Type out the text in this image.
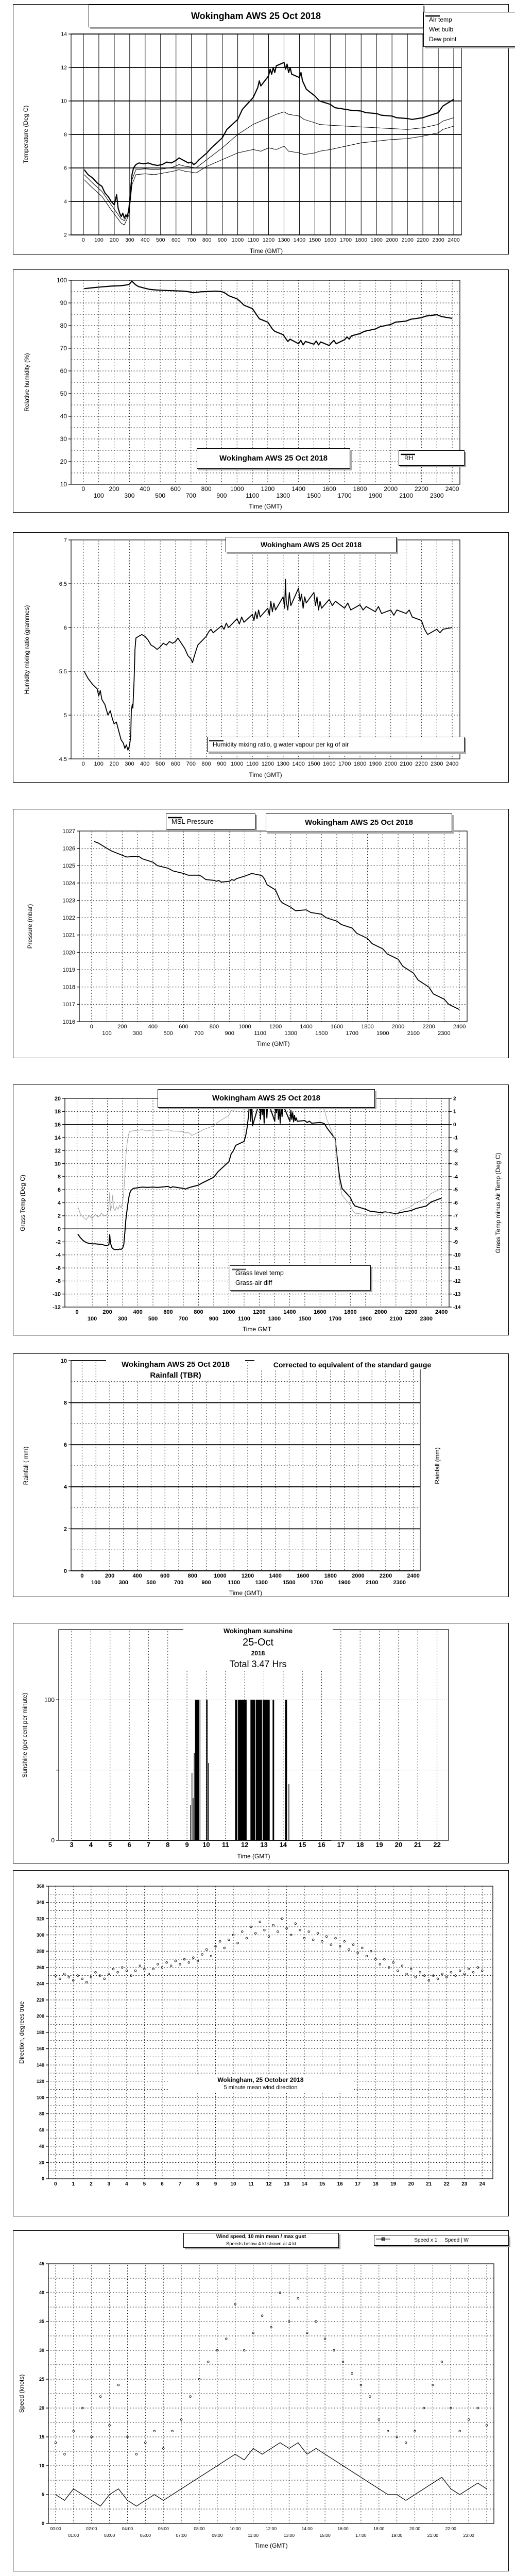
2
4
6
8
10
12
14
0 100 200 300 400 500 600 700 800 900 1000 1100 1200 1300 1400 1500 1600 1700 1800 1900 2000 2100 2200 2300 2400
Temperature (Deg C)
Time (GMT)
Wokingham AWS 25 Oct 2018	Air temp
Wet bulb
Dew point
10
20
30
40
50
60
70
80
90
100
0
100
200
300
400
500
600
700
800
900
1000
1100
1200
1300
1400
1500
1600
1700
1800
1900
2000
2100
2200
2300
2400
Relative humidity (%)
Time (GMT)
Wokingham AWS 25 Oct 2018	RH
4.5
5
5.5
6
6.5
7
0 100 200 300 400 500 600 700 800 900 1000 1100 1200 1300 1400 1500 1600 1700 1800 1900 2000 2100 2200 2300 2400
Humidity mixing ratio (grammes)
Time (GMT)
Wokingham AWS 25 Oct 2018
Humidity mixing ratio, g water vapour per kg of air
1016
1017
1018
1019
1020
1021
1022
1023
1024
1025
1026
1027
0
100
200
300
400
500
600
700
800
900
1000
1100
1200
1300
1400
1500
1600
1700
1800
1900
2000
2100
2200
2300
2400
Pressure (mbar)
Time (GMT)
Wokingham AWS 25 Oct 2018
MSL Pressure
-12
-10
-8
-6
-4
-2
0
2
4
6
8
10
12
14
16
18
20
-14
-13
-12
-11
-10
-9
-8
-7
-6
-5
-4
-3
-2
-1
0
1
2
0
100
200
300
400
500
600
700
800
900
1000
1100
1200
1300
1400
1500
1600
1700
1800
1900
2000
2100
2200
2300
2400
Grass Temp (Deg C)	Grass Temp minus Air Temp (Deg C)
Time GMT
Wokingham AWS 25 Oct 2018
Grass level temp
Grass-air diff
0
2
4
6
8
10
0
100
200
300
400
500
600
700
800
900
1000
1100
1200
1300
1400
1500
1600
1700
1800
1900
2000
2100
2200
2300
2400
Rainfall ( mm)	Rainfall (mm)
Time (GMT)
Wokingham AWS 25 Oct 2018
Rainfall (TBR)
Corrected to equivalent of the standard gauge
0
100
3 4 5 6 7 8 9 10 11 12 13 14 15 16 17 18 19 20 21 22
Sunshine (per cent per minute)
Time (GMT)
Wokingham sunshine
25-Oct
2018
Total 3.47 Hrs
0
20
40
60
80
100
120
140
160
180
200
220
240
260
280
300
320
340
360
0	1	2	3	4	5	6	7	8	9	10 11 12 13 14 15 16 17 18 19 20 21 22 23 24
Direction, degrees true
Wokingham, 25 October 2018
5 minute mean wind direction
0
5
10
15
20
25
30
35
40
45
00:00
01:00
02:00
03:00
04:00
05:00
06:00
07:00
08:00
09:00
10:00
11:00
12:00
13:00
14:00
15:00
16:00
17:00
18:00
19:00
20:00
21:00
22:00
23:00
Speed (knots)
Time (GMT)
Wind speed, 10 min mean / max gust
Speeds below 4 kt shown at 4 kt
Speed x 1 Speed | W
